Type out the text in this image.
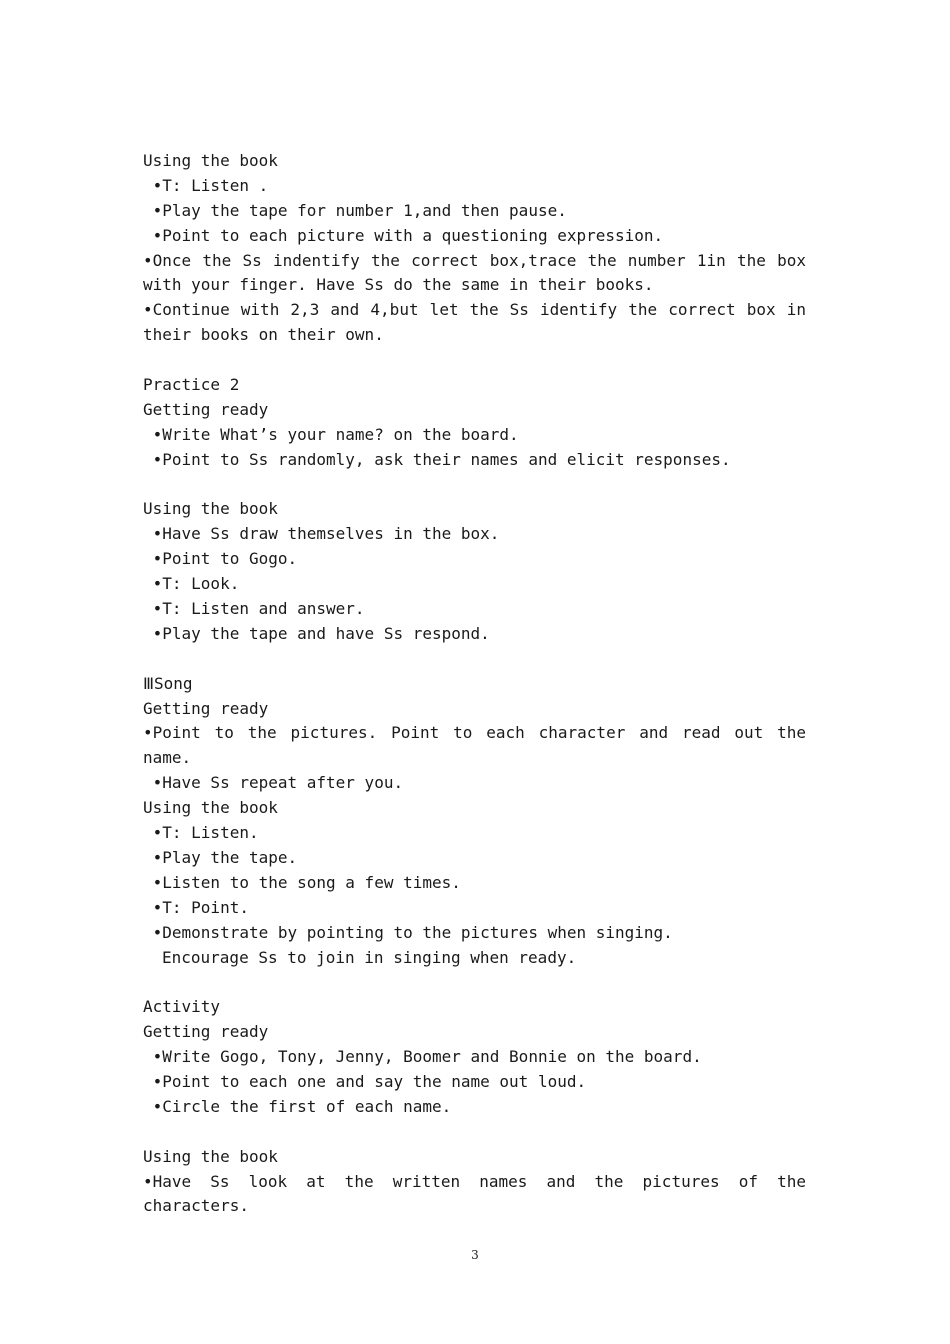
Using the book
•T: Listen .
•Play the tape for number 1,and then pause.
•Point to each picture with a questioning expression.
•Once the Ss indentify the correct box,trace the number 1in the box
with your finger. Have Ss do the same in their books.
•Continue with 2,3 and 4,but let the Ss identify the correct box in
their books on their own.
Practice 2
Getting ready
•Write What’s your name? on the board.
•Point to Ss randomly, ask their names and elicit responses.
Using the book
•Have Ss draw themselves in the box.
•Point to Gogo.
•T: Look.
•T: Listen and answer.
•Play the tape and have Ss respond.
ⅢSong
Getting ready
•Point to the pictures. Point to each character and read out the
name.
•Have Ss repeat after you.
Using the book
•T: Listen.
•Play the tape.
•Listen to the song a few times.
•T: Point.
•Demonstrate by pointing to the pictures when singing.
Encourage Ss to join in singing when ready.
Activity
Getting ready
•Write Gogo, Tony, Jenny, Boomer and Bonnie on the board.
•Point to each one and say the name out loud.
•Circle the first of each name.
Using the book
•Have Ss look at the written names and the pictures of the
characters.
3
